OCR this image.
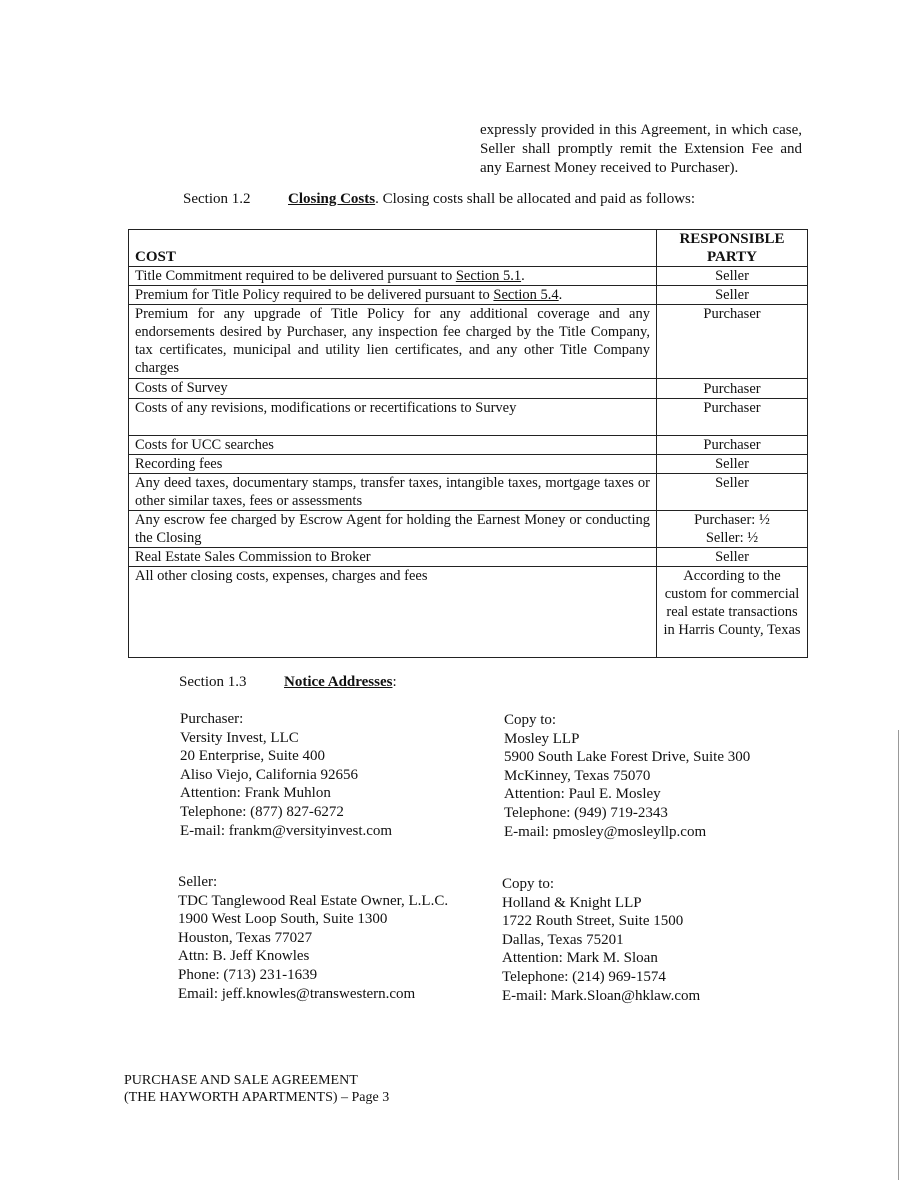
expressly provided in this Agreement, in which case, Seller shall promptly remit the Extension Fee and any Earnest Money received to Purchaser).
Section 1.2	Closing Costs. Closing costs shall be allocated and paid as follows:
COST	RESPONSIBLE PARTY
Title Commitment required to be delivered pursuant to Section 5.1.	Seller
Premium for Title Policy required to be delivered pursuant to Section 5.4.	Seller
Premium for any upgrade of Title Policy for any additional coverage and any endorsements desired by Purchaser, any inspection fee charged by the Title Company, tax certificates, municipal and utility lien certificates, and any other Title Company charges	Purchaser
Costs of Survey	Purchaser
Costs of any revisions, modifications or recertifications to Survey	Purchaser
Costs for UCC searches	Purchaser
Recording fees	Seller
Any deed taxes, documentary stamps, transfer taxes, intangible taxes, mortgage taxes or other similar taxes, fees or assessments	Seller
Any escrow fee charged by Escrow Agent for holding the Earnest Money or conducting the Closing	Purchaser: ½
Seller: ½

Real Estate Sales Commission to Broker	Seller
All other closing costs, expenses, charges and fees	According to the custom for commercial real estate transactions in Harris County, Texas
Section 1.3	Notice Addresses:
Purchaser:
Versity Invest, LLC
20 Enterprise, Suite 400
Aliso Viejo, California 92656
Attention: Frank Muhlon
Telephone: (877) 827-6272
E-mail: frankm@versityinvest.com
Copy to:
Mosley LLP
5900 South Lake Forest Drive, Suite 300
McKinney, Texas 75070
Attention: Paul E. Mosley
Telephone: (949) 719-2343
E-mail: pmosley@mosleyllp.com
Seller:
TDC Tanglewood Real Estate Owner, L.L.C.
1900 West Loop South, Suite 1300
Houston, Texas 77027
Attn: B. Jeff Knowles
Phone: (713) 231-1639
Email: jeff.knowles@transwestern.com
Copy to:
Holland & Knight LLP
1722 Routh Street, Suite 1500
Dallas, Texas 75201
Attention: Mark M. Sloan
Telephone: (214) 969-1574
E-mail: Mark.Sloan@hklaw.com
PURCHASE AND SALE AGREEMENT
(THE HAYWORTH APARTMENTS) – Page 3
